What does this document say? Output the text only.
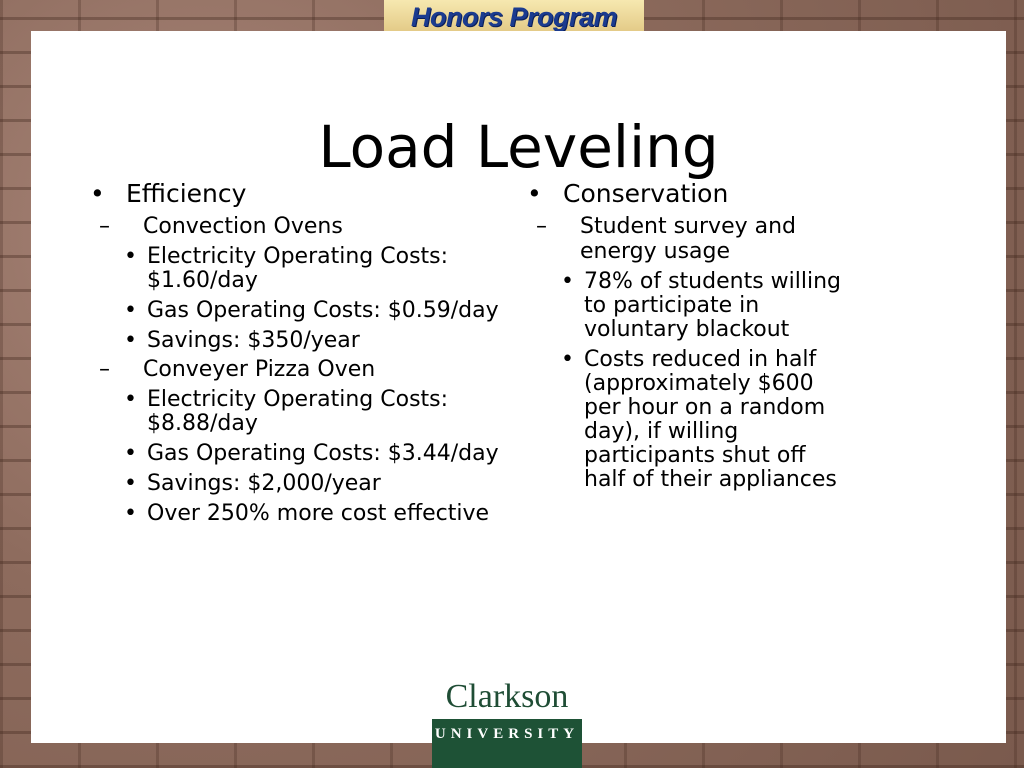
Honors Program
Load Leveling
• Efficiency
– Convection Ovens
• Electricity Operating Costs: $1.60/day
• Gas Operating Costs: $0.59/day
• Savings: $350/year
– Conveyer Pizza Oven
• Electricity Operating Costs: $8.88/day
• Gas Operating Costs: $3.44/day
• Savings: $2,000/year
• Over 250% more cost effective
• Conservation
– Student survey and energy usage
• 78% of students willing to participate in voluntary blackout
• Costs reduced in half (approximately $600 per hour on a random day), if willing participants shut off half of their appliances
Clarkson
UNIVERSITY
